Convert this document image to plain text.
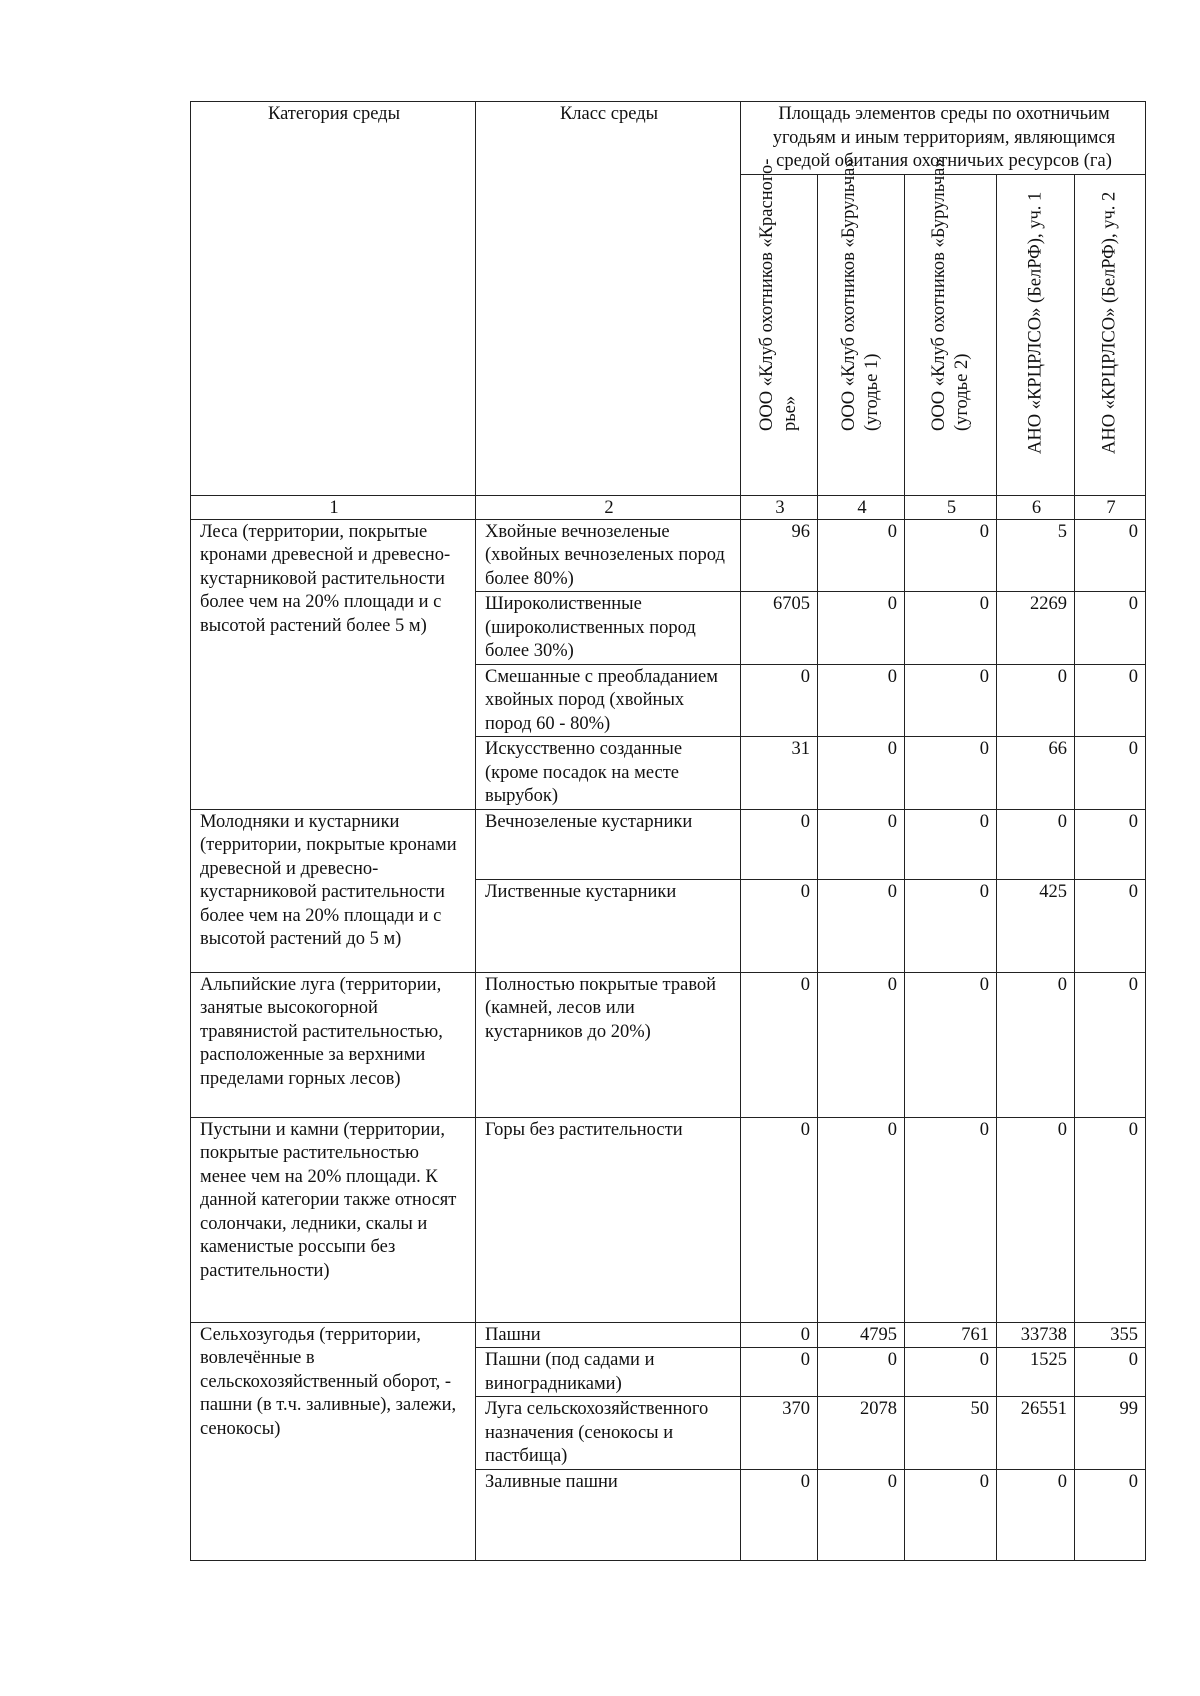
Категория среды	Класс среды	Площадь элементов среды по охотничьим угодьям и иным территориям, являющимся средой обитания охотничьих ресурсов (га)				

		ООО «Клуб охотников «Красного-рье»	ООО «Клуб охотников «Бурульча» (угодье 1)	ООО «Клуб охотников «Бурульча» (угодье 2)	АНО «КРЦРЛСО» (БелРФ), уч. 1	АНО «КРЦРЛСО» (БелРФ), уч. 2

1	2	3	4	5	6	7
Леса (территории, покрытые кронами древесной и древесно-кустарниковой растительности более чем на 20% площади и с высотой растений более 5 м)	Хвойные вечнозеленые (хвойных вечнозеленых пород более 80%)	96	0	0	5	0
	Широколиственные (широколиственных пород более 30%)	6705	0	0	2269	0
	Смешанные с преобладанием хвойных пород (хвойных пород 60 - 80%)	0	0	0	0	0
	Искусственно созданные (кроме посадок на месте вырубок)	31	0	0	66	0
Молодняки и кустарники (территории, покрытые кронами древесной и древесно-кустарниковой растительности более чем на 20% площади и с высотой растений до 5 м)	Вечнозеленые кустарники	0	0	0	0	0
	Лиственные кустарники	0	0	0	425	0
Альпийские луга (территории, занятые высокогорной травянистой растительностью, расположенные за верхними пределами горных лесов)	Полностью покрытые травой (камней, лесов или кустарников до 20%)	0	0	0	0	0
Пустыни и камни (территории, покрытые растительностью менее чем на 20% площади. К данной категории также относят солончаки, ледники, скалы и каменистые россыпи без растительности)	Горы без растительности	0	0	0	0	0
Сельхозугодья (территории, вовлечённые в сельскохозяйственный оборот, - пашни (в т.ч. заливные), залежи, сенокосы)	Пашни	0	4795	761	33738	355
	Пашни (под садами и виноградниками)	0	0	0	1525	0
	Луга сельскохозяйственного назначения (сенокосы и пастбища)	370	2078	50	26551	99
	Заливные пашни	0	0	0	0	0
